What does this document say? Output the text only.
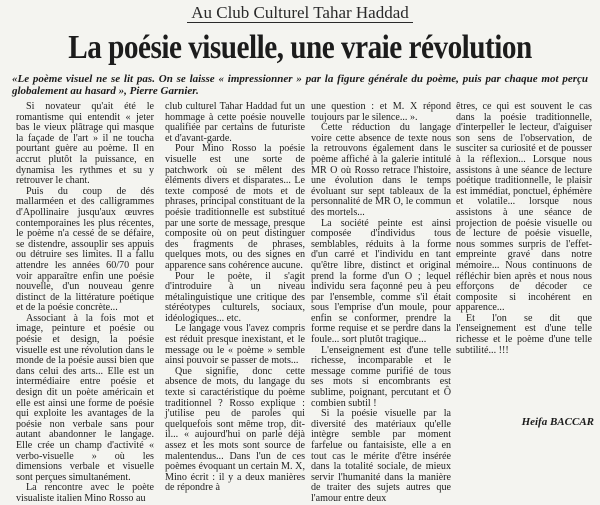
Au Club Culturel Tahar Haddad
La poésie visuelle, une vraie révolution
«Le poème visuel ne se lit pas. On se laisse « impressionner » par la figure générale du poème, puis par chaque mot perçu globalement au hasard », Pierre Garnier.

Si novateur qu'ait été le romantisme qui entendit « jeter bas le vieux plâtrage qui masque la façade de l'art » il ne toucha pourtant guère au poème. Il en accrut plutôt la puissance, en dynamisa les rythmes et su y retrouver le chant.

Puis du coup de dés mallarméen et des calligrammes d'Apollinaire jusqu'aux œuvres contemporaines les plus récentes, le poème n'a cessé de se défaire, se distendre, assouplir ses appuis ou détruire ses limites. Il a fallu attendre les années 60/70 pour voir apparaître enfin une poésie nouvelle, d'un nouveau genre distinct de la littérature poétique et de la poésie concrète...

Associant à la fois mot et image, peinture et poésie ou poésie et design, la poésie visuelle est une révolution dans le monde de la poésie aussi bien que dans celui des arts... Elle est un intermédiaire entre poésie et design dit un poète américain et elle est ainsi une forme de poésie qui exploite les avantages de la poésie non verbale sans pour autant abandonner le langage. Elle crée un champ d'activité « verbo-visuelle » où les dimensions verbale et visuelle sont perçues simultanément.

La rencontre avec le poète visualiste italien Mino Rosso au

club culturel Tahar Haddad fut un hommage à cette poésie nouvelle qualifiée par certains de futuriste et d'avant-garde.

Pour Mino Rosso la poésie visuelle est une sorte de patchwork où se mêlent des éléments divers et disparates... Le texte composé de mots et de phrases, principal constituant de la poésie traditionnelle est substitué par une sorte de message, presque composite où on peut distinguer des fragments de phrases, quelques mots, ou des signes en apparence sans cohérence aucune.

Pour le poète, il s'agit d'introduire à un niveau métalinguistique une critique des stéréotypes culturels, sociaux, idéologiques... etc.

Le langage vous l'avez compris est réduit presque inexistant, et le message ou le « poème » semble ainsi pouvoir se passer de mots...

Que signifie, donc cette absence de mots, du langage du texte si caractéristique du poème traditionnel ? Rosso explique : j'utilise peu de paroles qui quelquefois sont même trop, dit-il... « aujourd'hui on parle déjà assez et les mots sont source de malentendus... Dans l'un de ces poèmes évoquant un certain M. X, Mino écrit : il y a deux manières de répondre à

une question : et M. X répond toujours par le silence... ».

Cette réduction du langage voire cette absence de texte nous la retrouvons également dans le poème affiché à la galerie intitulé MR O où Rosso retrace l'histoire, une évolution dans le temps évoluant sur sept tableaux de la personnalité de MR O, le commun des mortels...

La société peinte est ainsi composée d'individus tous semblables, réduits à la forme d'un carré et l'individu en tant qu'être libre, distinct et original prend la forme d'un O ; lequel individu sera façonné peu à peu par l'ensemble, comme s'il était sous l'emprise d'un moule, pour enfin se conformer, prendre la forme requise et se perdre dans la foule... sort plutôt tragique...

L'enseignement est d'une telle richesse, incomparable et le message comme purifié de tous ses mots si encombrants est sublime, poignant, percutant et Ô combien subtil !

Si la poésie visuelle par la diversité des matériaux qu'elle intègre semble par moment farfelue ou fantaisiste, elle a en tout cas le mérite d'être insérée dans la totalité sociale, de mieux servir l'humanité dans la manière de traiter des sujets autres que l'amour entre deux

êtres, ce qui est souvent le cas dans la poésie traditionnelle, d'interpeller le lecteur, d'aiguiser son sens de l'observation, de susciter sa curiosité et de pousser à la réflexion... Lorsque nous assistons à une séance de lecture poétique traditionnelle, le plaisir est immédiat, ponctuel, éphémère et volatile... lorsque nous assistons à une séance de projection de poésie visuelle ou de lecture de poésie visuelle, nous sommes surpris de l'effet-empreinte gravé dans notre mémoire... Nous continuons de réfléchir bien après et nous nous efforçons de décoder ce composite si incohérent en apparence...

Et l'on se dit que l'enseignement est d'une telle richesse et le poème d'une telle subtilité... !!!

Heifa BACCAR
